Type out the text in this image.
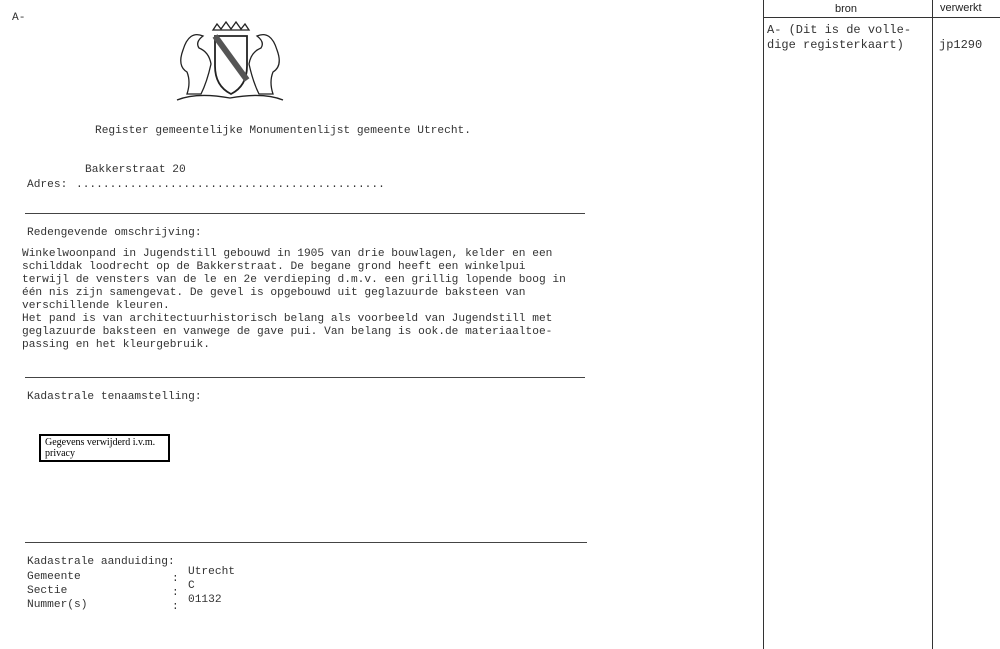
A-
Register gemeentelijke Monumentenlijst gemeente Utrecht.
Bakkerstraat 20
Adres: ..............................................
Redengevende omschrijving:
Winkelwoonpand in Jugendstill gebouwd in 1905 van drie bouwlagen, kelder en een
schilddak loodrecht op de Bakkerstraat. De begane grond heeft een winkelpui
terwijl de vensters van de le en 2e verdieping d.m.v. een grillig lopende boog in
één nis zijn samengevat. De gevel is opgebouwd uit geglazuurde baksteen van
verschillende kleuren.
Het pand is van architectuurhistorisch belang als voorbeeld van Jugendstill met
geglazuurde baksteen en vanwege de gave pui. Van belang is ook.de materiaaltoe-
passing en het kleurgebruik.
Kadastrale tenaamstelling:
Gegevens verwijderd i.v.m. privacy
Kadastrale aanduiding:
Gemeente
Sectie
Nummer(s)
:
:
:
Utrecht
C
01132
bron	verwerkt
A- (Dit is de volle-
dige registerkaart)	jp1290
